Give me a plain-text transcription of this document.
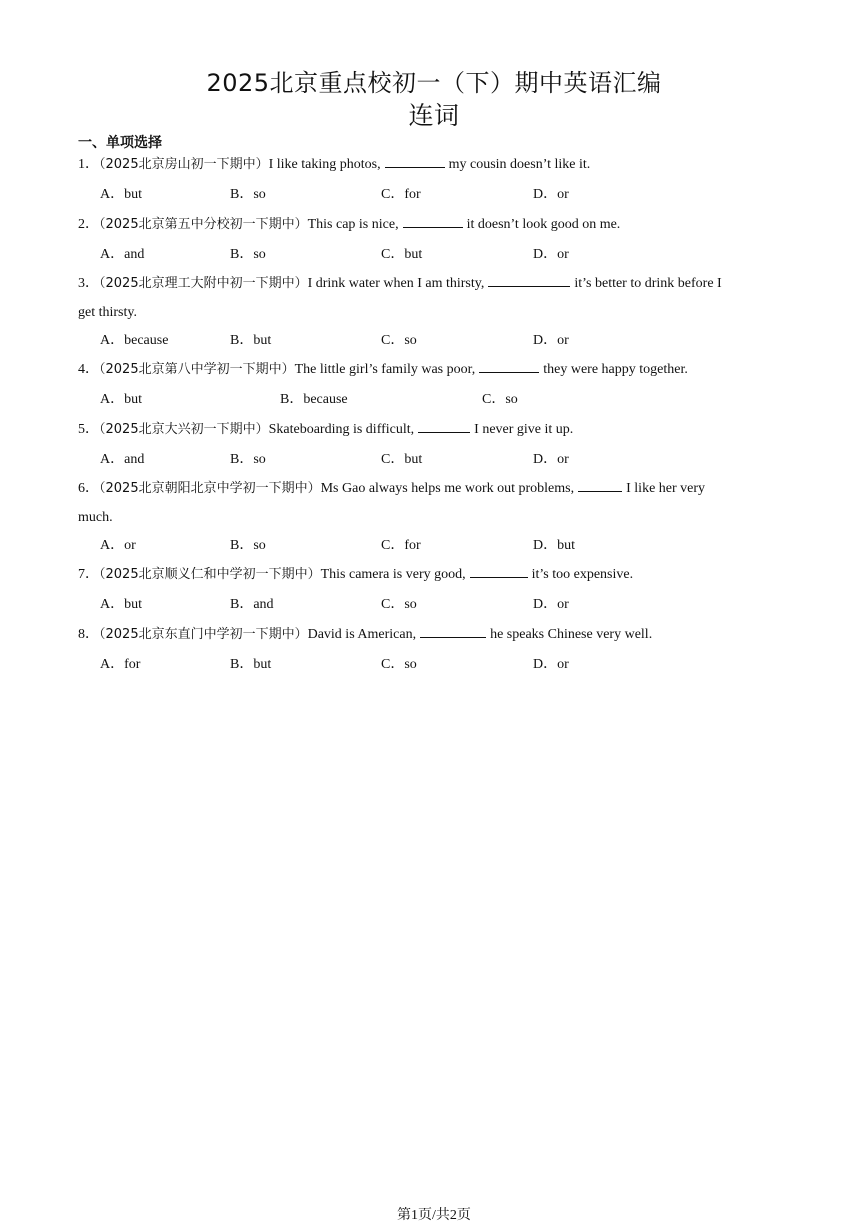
2025北京重点校初一（下）期中英语汇编
连词
一、单项选择
1．（2025北京房山初一下期中）I like taking photos,	my cousin doesn’t like it.
A．but	B．so	C．for	D．or
2．（2025北京第五中分校初一下期中）This cap is nice,	it doesn’t look good on me.
A．and	B．so	C．but	D．or
3．（2025北京理工大附中初一下期中）I drink water when I am thirsty,	it’s better to drink before I
get thirsty.
A．because	B．but	C．so	D．or
4．（2025北京第八中学初一下期中）The little girl’s family was poor,	they were happy together.
A．but	B．because	C．so
5．（2025北京大兴初一下期中）Skateboarding is difficult,	I never give it up.
A．and	B．so	C．but	D．or
6．（2025北京朝阳北京中学初一下期中）Ms Gao always helps me work out problems,	I like her very
much.
A．or	B．so	C．for	D．but
7．（2025北京顺义仁和中学初一下期中）This camera is very good,	it’s too expensive.
A．but	B．and	C．so	D．or
8．（2025北京东直门中学初一下期中）David is American,	he speaks Chinese very well.
A．for	B．but	C．so	D．or
第1页/共2页
